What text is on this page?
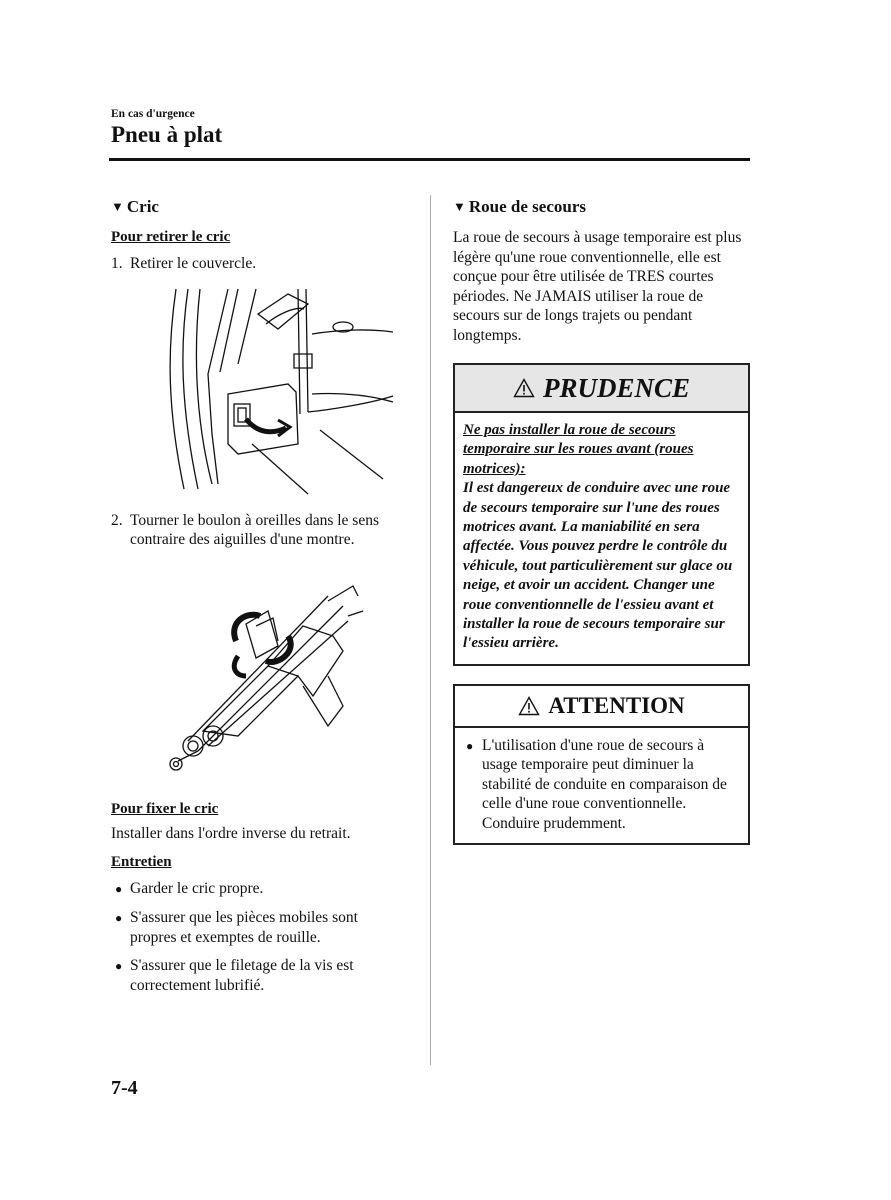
En cas d'urgence
Pneu à plat
▼ Cric
Pour retirer le cric
1. Retirer le couvercle.
2. Tourner le boulon à oreilles dans le sens contraire des aiguilles d'une montre.
Pour fixer le cric
Installer dans l'ordre inverse du retrait.
Entretien
● Garder le cric propre.
● S'assurer que les pièces mobiles sont propres et exemptes de rouille.
● S'assurer que le filetage de la vis est correctement lubrifié.
▼ Roue de secours
La roue de secours à usage temporaire est plus légère qu'une roue conventionnelle, elle est conçue pour être utilisée de TRES courtes périodes. Ne JAMAIS utiliser la roue de secours sur de longs trajets ou pendant longtemps.
PRUDENCE
Ne pas installer la roue de secours temporaire sur les roues avant (roues motrices):
Il est dangereux de conduire avec une roue de secours temporaire sur l'une des roues motrices avant. La maniabilité en sera affectée. Vous pouvez perdre le contrôle du véhicule, tout particulièrement sur glace ou neige, et avoir un accident. Changer une roue conventionnelle de l'essieu avant et installer la roue de secours temporaire sur l'essieu arrière.
ATTENTION
● L'utilisation d'une roue de secours à usage temporaire peut diminuer la stabilité de conduite en comparaison de celle d'une roue conventionnelle. Conduire prudemment.
7-4
